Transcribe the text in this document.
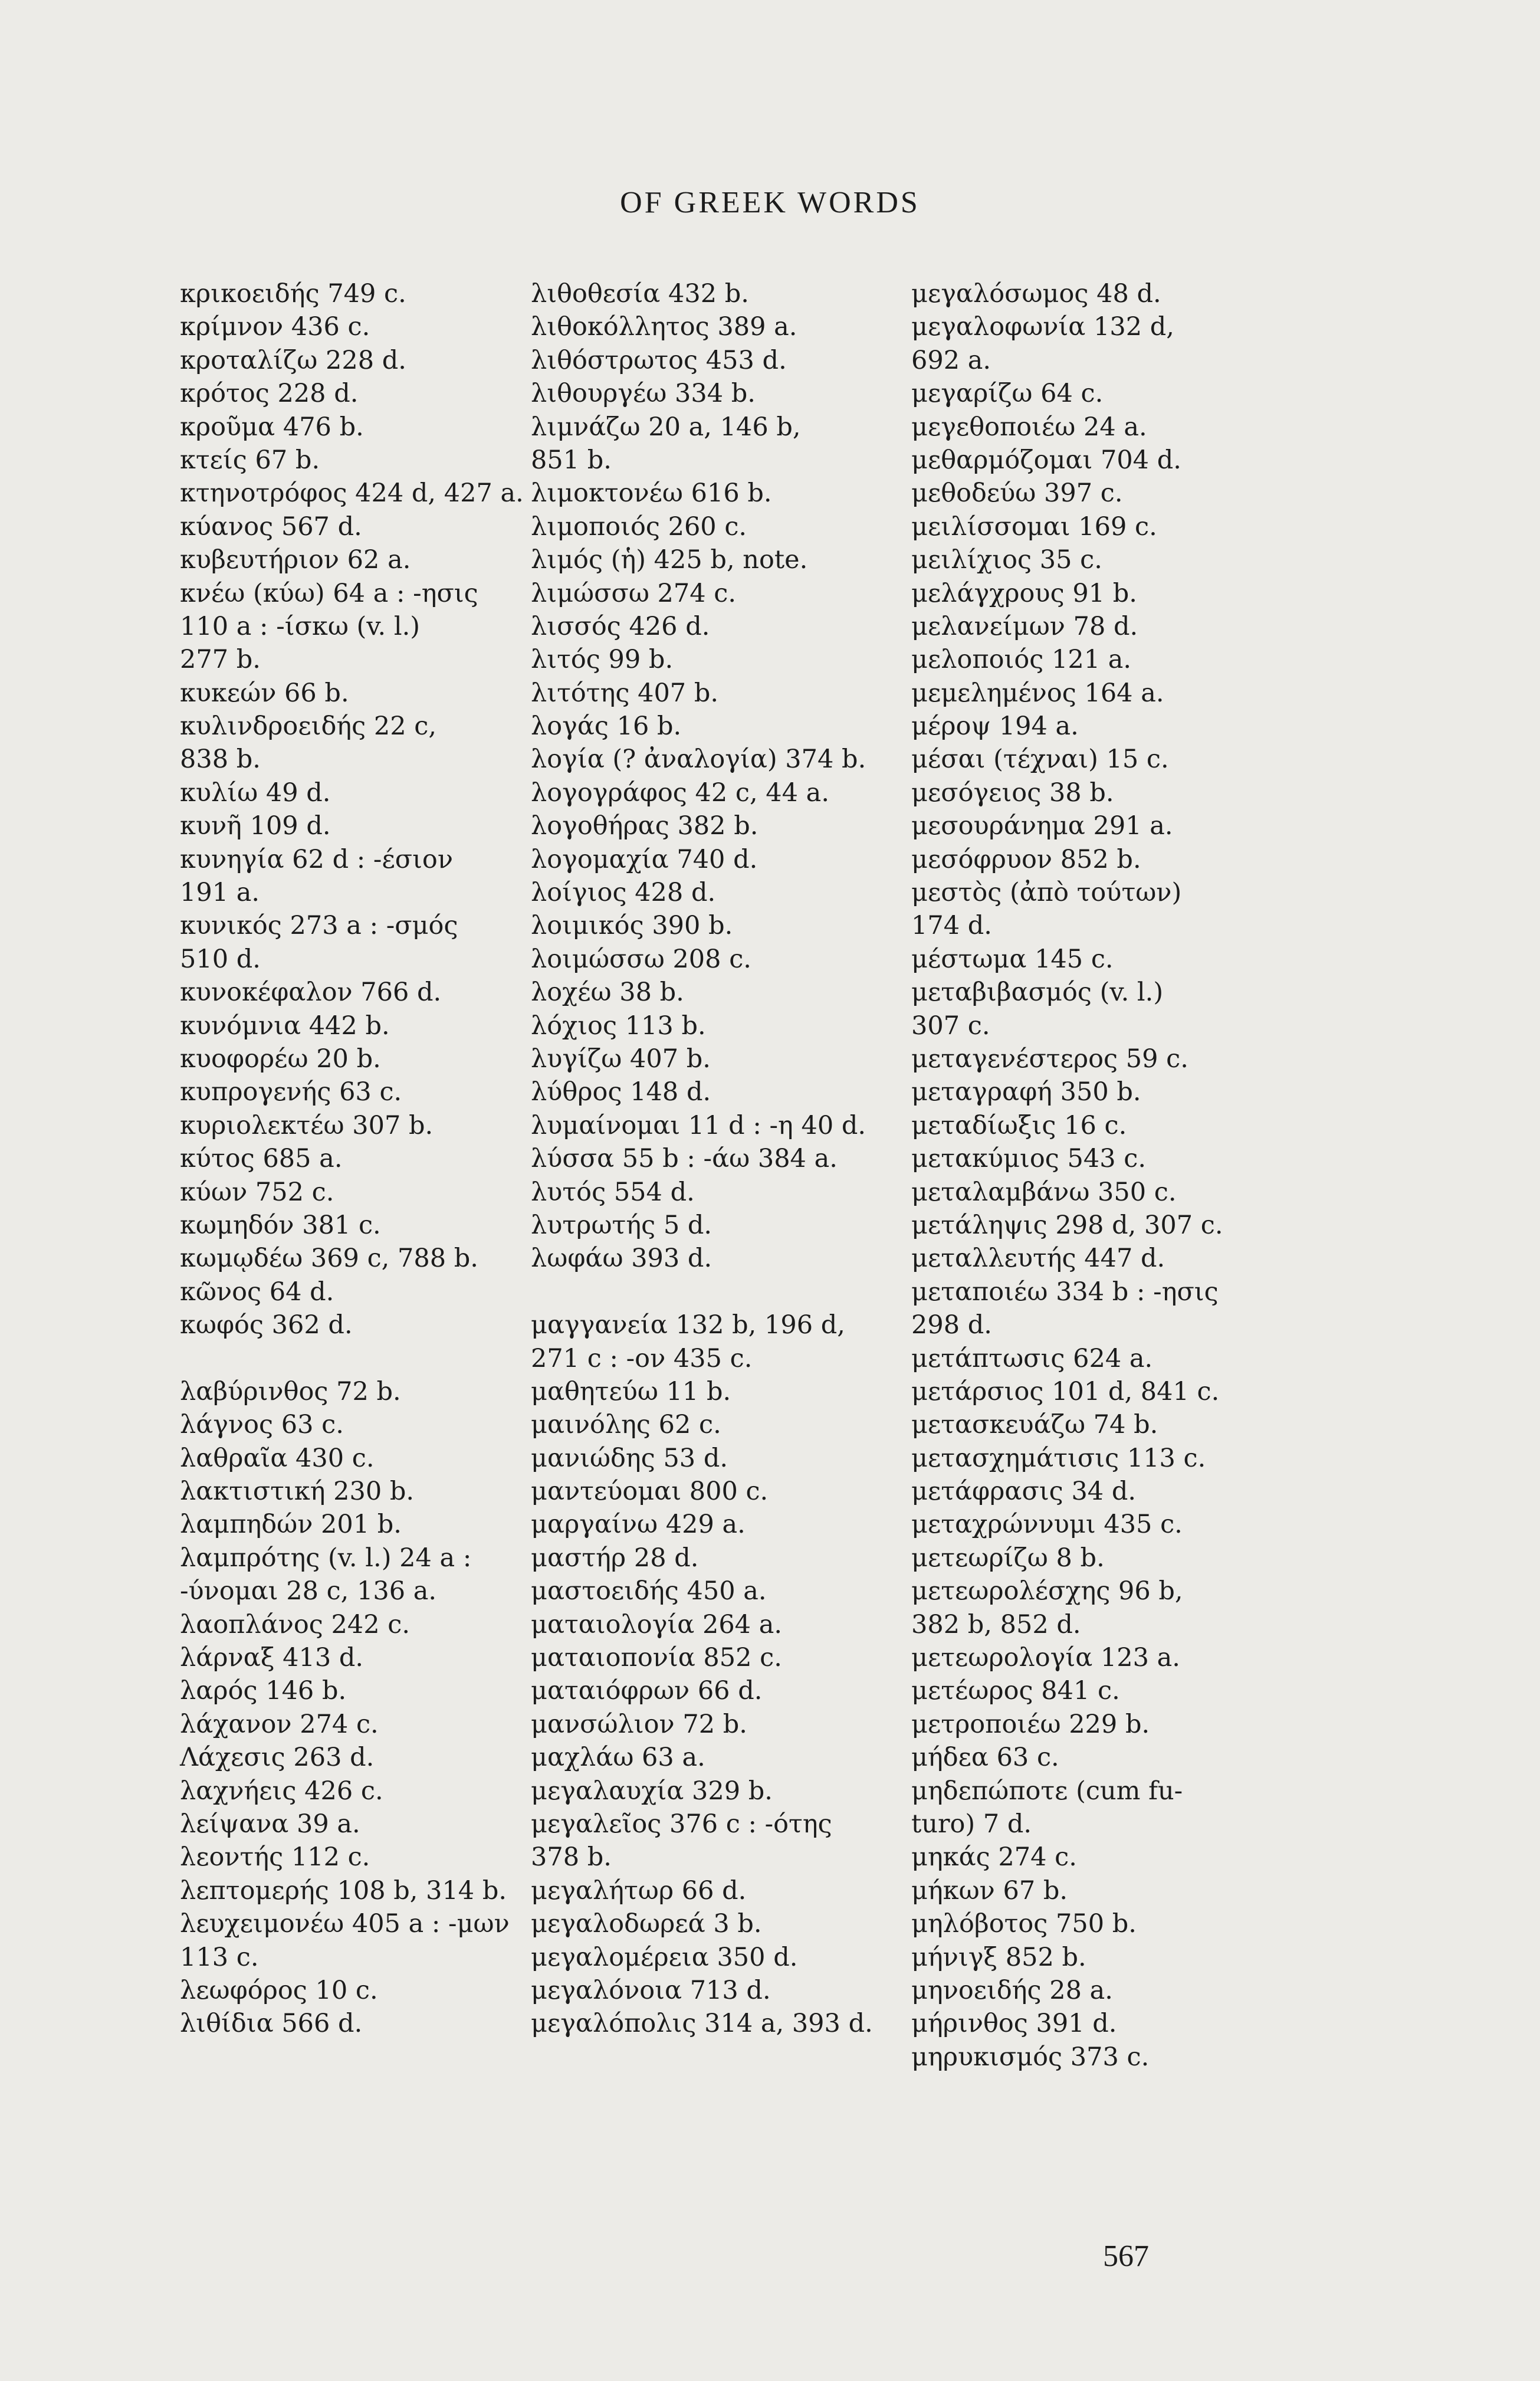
OF GREEK WORDS
κρικοειδής 749 c.
κρίμνον 436 c.
κροταλίζω 228 d.
κρότος 228 d.
κροῦμα 476 b.
κτείς 67 b.
κτηνοτρόφος 424 d, 427 a.
κύανος 567 d.
κυβευτήριον 62 a.
κνέω (κύω) 64 a : -ησις
110 a : -ίσκω (v. l.)
277 b.
κυκεών 66 b.
κυλινδροειδής 22 c,
838 b.
κυλίω 49 d.
κυνῆ 109 d.
κυνηγία 62 d : -έσιον
191 a.
κυνικός 273 a : -σμός
510 d.
κυνοκέφαλον 766 d.
κυνόμνια 442 b.
κυοφορέω 20 b.
κυπρογενής 63 c.
κυριολεκτέω 307 b.
κύτος 685 a.
κύων 752 c.
κωμηδόν 381 c.
κωμῳδέω 369 c, 788 b.
κῶνος 64 d.
κωφός 362 d.
λαβύρινθος 72 b.
λάγνος 63 c.
λαθραῖα 430 c.
λακτιστική 230 b.
λαμπηδών 201 b.
λαμπρότης (v. l.) 24 a :
-ύνομαι 28 c, 136 a.
λαοπλάνος 242 c.
λάρναξ 413 d.
λαρός 146 b.
λάχανον 274 c.
Λάχεσις 263 d.
λαχνήεις 426 c.
λείψανα 39 a.
λεοντής 112 c.
λεπτομερής 108 b, 314 b.
λευχειμονέω 405 a : -μων
113 c.
λεωφόρος 10 c.
λιθίδια 566 d.
λιθοθεσία 432 b.
λιθοκόλλητος 389 a.
λιθόστρωτος 453 d.
λιθουργέω 334 b.
λιμνάζω 20 a, 146 b,
851 b.
λιμοκτονέω 616 b.
λιμοποιός 260 c.
λιμός (ἡ) 425 b, note.
λιμώσσω 274 c.
λισσός 426 d.
λιτός 99 b.
λιτότης 407 b.
λογάς 16 b.
λογία (? ἀναλογία) 374 b.
λογογράφος 42 c, 44 a.
λογοθήρας 382 b.
λογομαχία 740 d.
λοίγιος 428 d.
λοιμικός 390 b.
λοιμώσσω 208 c.
λοχέω 38 b.
λόχιος 113 b.
λυγίζω 407 b.
λύθρος 148 d.
λυμαίνομαι 11 d : -η 40 d.
λύσσα 55 b : -άω 384 a.
λυτός 554 d.
λυτρωτής 5 d.
λωφάω 393 d.
μαγγανεία 132 b, 196 d,
271 c : -ον 435 c.
μαθητεύω 11 b.
μαινόλης 62 c.
μανιώδης 53 d.
μαντεύομαι 800 c.
μαργαίνω 429 a.
μαστήρ 28 d.
μαστοειδής 450 a.
ματαιολογία 264 a.
ματαιοπονία 852 c.
ματαιόφρων 66 d.
μανσώλιον 72 b.
μαχλάω 63 a.
μεγαλαυχία 329 b.
μεγαλεῖος 376 c : -ότης
378 b.
μεγαλήτωρ 66 d.
μεγαλοδωρεά 3 b.
μεγαλομέρεια 350 d.
μεγαλόνοια 713 d.
μεγαλόπολις 314 a, 393 d.
μεγαλόσωμος 48 d.
μεγαλοφωνία 132 d,
692 a.
μεγαρίζω 64 c.
μεγεθοποιέω 24 a.
μεθαρμόζομαι 704 d.
μεθοδεύω 397 c.
μειλίσσομαι 169 c.
μειλίχιος 35 c.
μελάγχρους 91 b.
μελανείμων 78 d.
μελοποιός 121 a.
μεμελημένος 164 a.
μέροψ 194 a.
μέσαι (τέχναι) 15 c.
μεσόγειος 38 b.
μεσουράνημα 291 a.
μεσόφρυον 852 b.
μεστὸς (ἀπὸ τούτων)
174 d.
μέστωμα 145 c.
μεταβιβασμός (v. l.)
307 c.
μεταγενέστερος 59 c.
μεταγραφή 350 b.
μεταδίωξις 16 c.
μετακύμιος 543 c.
μεταλαμβάνω 350 c.
μετάληψις 298 d, 307 c.
μεταλλευτής 447 d.
μεταποιέω 334 b : -ησις
298 d.
μετάπτωσις 624 a.
μετάρσιος 101 d, 841 c.
μετασκευάζω 74 b.
μετασχημάτισις 113 c.
μετάφρασις 34 d.
μεταχρώννυμι 435 c.
μετεωρίζω 8 b.
μετεωρολέσχης 96 b,
382 b, 852 d.
μετεωρολογία 123 a.
μετέωρος 841 c.
μετροποιέω 229 b.
μήδεα 63 c.
μηδεπώποτε (cum fu-
turo) 7 d.
μηκάς 274 c.
μήκων 67 b.
μηλόβοτος 750 b.
μήνιγξ 852 b.
μηνοειδής 28 a.
μήρινθος 391 d.
μηρυκισμός 373 c.
567
